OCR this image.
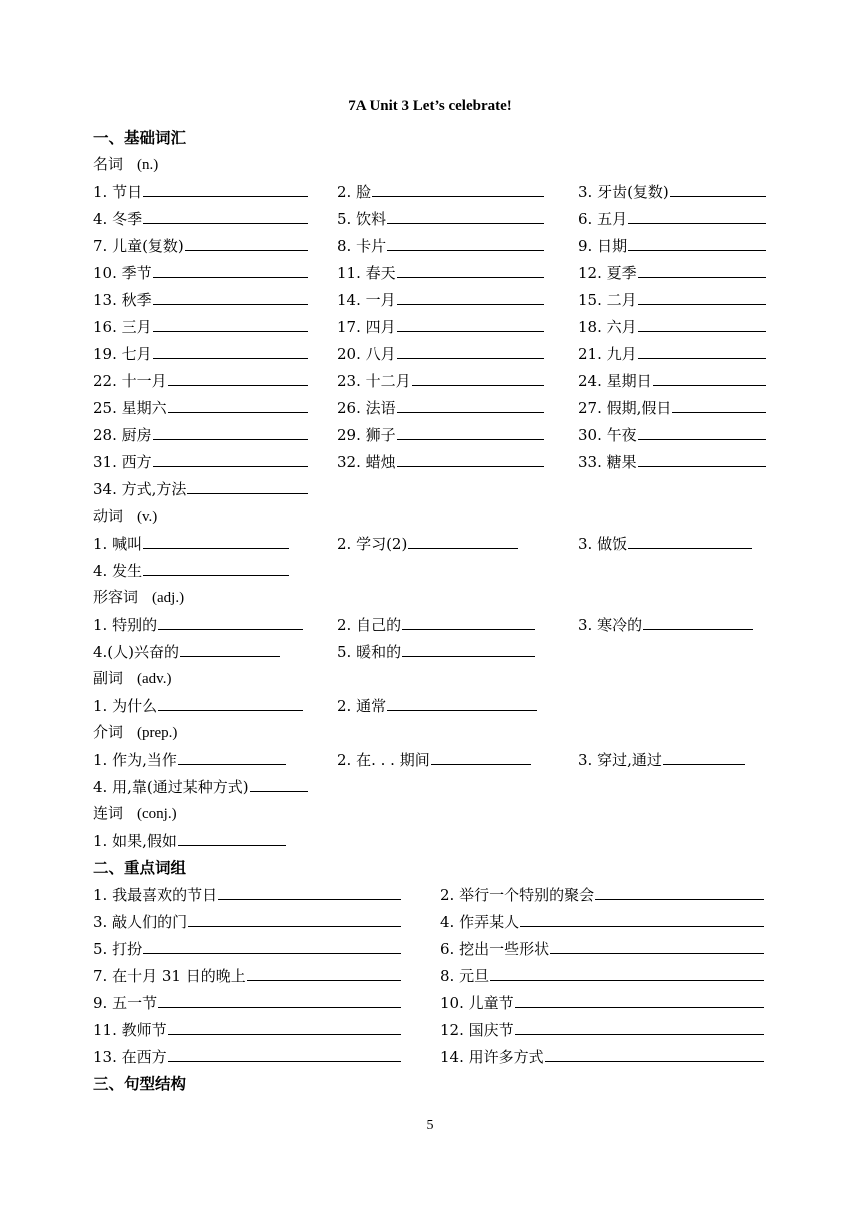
7A Unit 3 Let’s celebrate!
一、基础词汇
名词 (n.)
1. 节日	2. 脸	3. 牙齿(复数)
4. 冬季	5. 饮料	6. 五月
7. 儿童(复数)	8. 卡片	9. 日期
10. 季节	11. 春天	12. 夏季
13. 秋季	14. 一月	15. 二月
16. 三月	17. 四月	18. 六月
19. 七月	20. 八月	21. 九月
22. 十一月	23. 十二月	24. 星期日
25. 星期六	26. 法语	27. 假期,假日
28. 厨房	29. 狮子	30. 午夜
31. 西方	32. 蜡烛	33. 糖果
34. 方式,方法
动词 (v.)
1. 喊叫	2. 学习(2)	3. 做饭
4. 发生
形容词 (adj.)
1. 特别的	2. 自己的	3. 寒冷的
4.(人)兴奋的	5. 暖和的
副词 (adv.)
1. 为什么	2. 通常
介词 (prep.)
1. 作为,当作	2. 在. . . 期间	3. 穿过,通过
4. 用,靠(通过某种方式)
连词 (conj.)
1. 如果,假如
二、重点词组
1. 我最喜欢的节日	2. 举行一个特别的聚会
3. 敲人们的门	4. 作弄某人
5. 打扮	6. 挖出一些形状
7. 在十月 31 日的晚上	8. 元旦
9. 五一节	10. 儿童节
11. 教师节	12. 国庆节
13. 在西方	14. 用许多方式
三、句型结构
5
